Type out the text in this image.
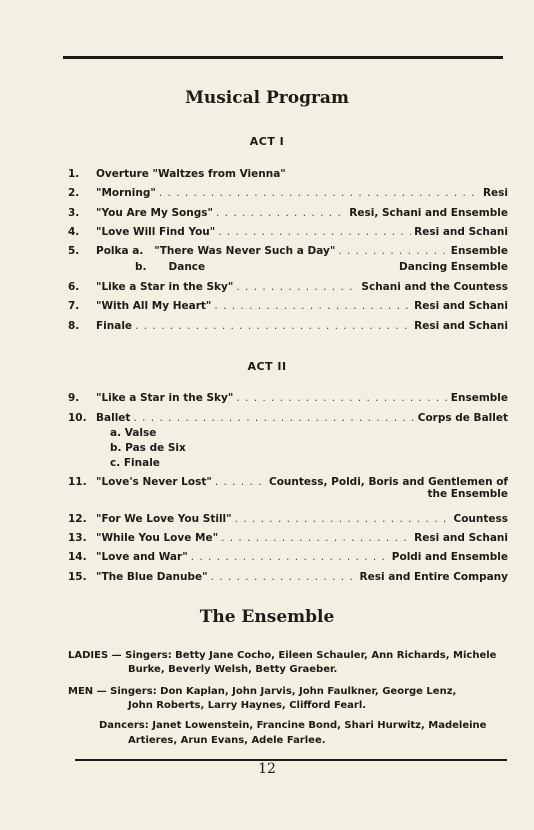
Musical Program
ACT I
1.	Overture "Waltzes from Vienna"
2.	"Morning" . . .	Resi
3.	"You Are My Songs" . . .	Resi, Schani and Ensemble
4.	"Love Will Find You" . . .	Resi and Schani
5.	Polka a.   "There Was Never Such a Day" . . .	Ensemble
b. Dance	Dancing Ensemble
6.	"Like a Star in the Sky" . . .	Schani and the Countess
7.	"With All My Heart" . . .	Resi and Schani
8.	Finale . . .	Resi and Schani
ACT II
9.	"Like a Star in the Sky" . . .	Ensemble
10. Ballet . . .	Corps de Ballet
a. Valse
b. Pas de Six
c. Finale
11. "Love's Never Lost" . . .	Countess, Poldi, Boris and Gentlemen of
the Ensemble
12. "For We Love You Still" . . .	Countess
13. "While You Love Me" . . .	Resi and Schani
14. "Love and War" . . .	Poldi and Ensemble
15. "The Blue Danube" . . .	Resi and Entire Company
The Ensemble
LADIES — Singers: Betty Jane Cocho, Eileen Schauler, Ann Richards, Michele
Burke, Beverly Welsh, Betty Graeber.
MEN — Singers: Don Kaplan, John Jarvis, John Faulkner, George Lenz,
John Roberts, Larry Haynes, Clifford Fearl.
Dancers: Janet Lowenstein, Francine Bond, Shari Hurwitz, Madeleine
Artieres, Arun Evans, Adele Farlee.
12
